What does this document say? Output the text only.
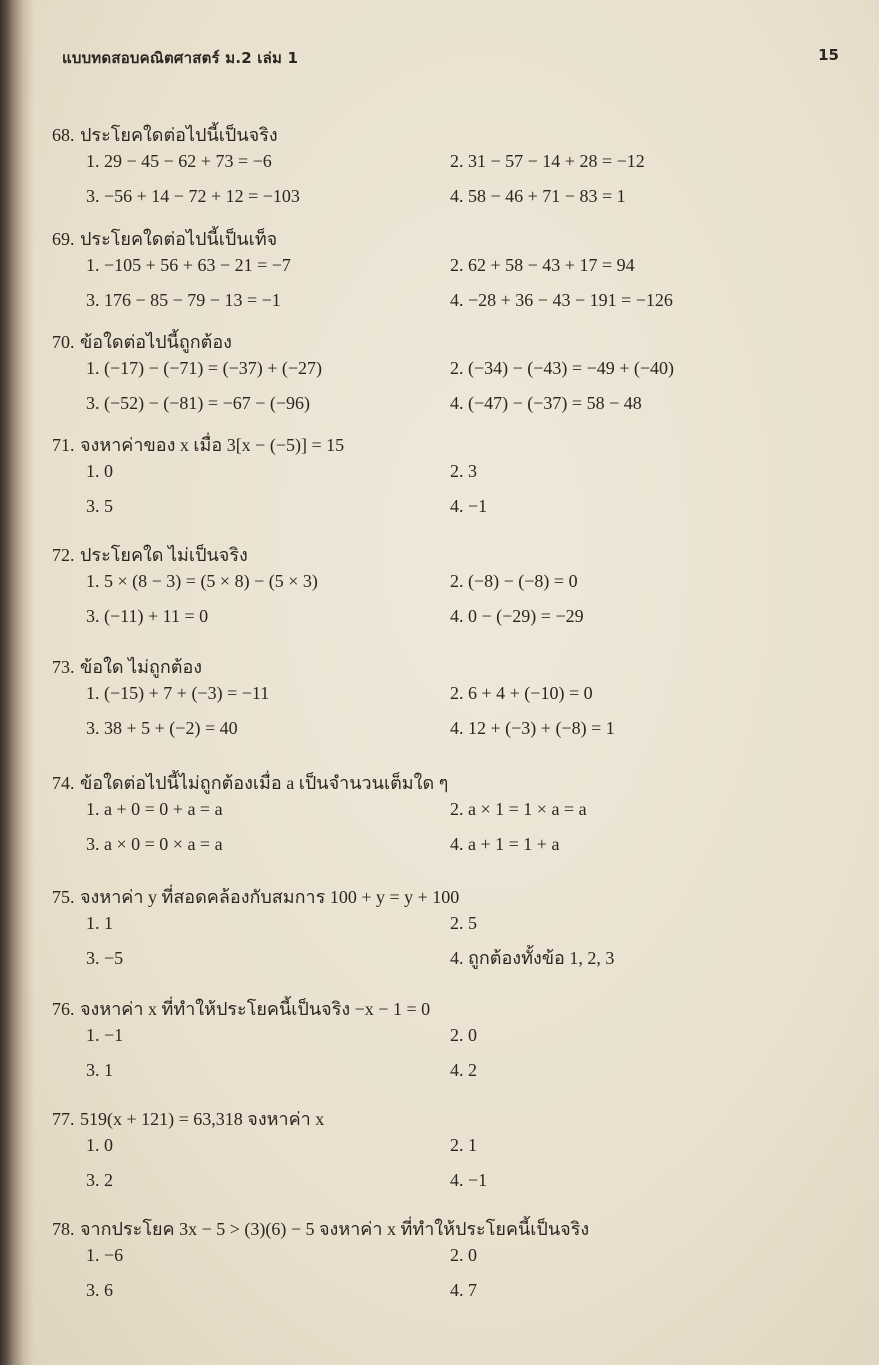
แบบทดสอบคณิตศาสตร์ ม.2 เล่ม 1	15
68. ประโยคใดต่อไปนี้เป็นจริง
1. 29 − 45 − 62 + 73 = −6	2. 31 − 57 − 14 + 28 = −12
3. −56 + 14 − 72 + 12 = −103	4. 58 − 46 + 71 − 83 = 1
69. ประโยคใดต่อไปนี้เป็นเท็จ
1. −105 + 56 + 63 − 21 = −7	2. 62 + 58 − 43 + 17 = 94
3. 176 − 85 − 79 − 13 = −1	4. −28 + 36 − 43 − 191 = −126
70. ข้อใดต่อไปนี้ถูกต้อง
1. (−17) − (−71) = (−37) + (−27)	2. (−34) − (−43) = −49 + (−40)
3. (−52) − (−81) = −67 − (−96)	4. (−47) − (−37) = 58 − 48
71. จงหาค่าของ x เมื่อ 3[x − (−5)] = 15
1. 0	2. 3
3. 5	4. −1
72. ประโยคใด ไม่เป็นจริง
1. 5 × (8 − 3) = (5 × 8) − (5 × 3)	2. (−8) − (−8) = 0
3. (−11) + 11 = 0	4. 0 − (−29) = −29
73. ข้อใด ไม่ถูกต้อง
1. (−15) + 7 + (−3) = −11	2. 6 + 4 + (−10) = 0
3. 38 + 5 + (−2) = 40	4. 12 + (−3) + (−8) = 1
74. ข้อใดต่อไปนี้ไม่ถูกต้องเมื่อ a เป็นจำนวนเต็มใด ๆ
1. a + 0 = 0 + a = a	2. a × 1 = 1 × a = a
3. a × 0 = 0 × a = a	4. a + 1 = 1 + a
75. จงหาค่า y ที่สอดคล้องกับสมการ 100 + y = y + 100
1. 1	2. 5
3. −5	4. ถูกต้องทั้งข้อ 1, 2, 3
76. จงหาค่า x ที่ทำให้ประโยคนี้เป็นจริง −x − 1 = 0
1. −1	2. 0
3. 1	4. 2
77. 519(x + 121) = 63,318 จงหาค่า x
1. 0	2. 1
3. 2	4. −1
78. จากประโยค 3x − 5 > (3)(6) − 5 จงหาค่า x ที่ทำให้ประโยคนี้เป็นจริง
1. −6	2. 0
3. 6	4. 7
